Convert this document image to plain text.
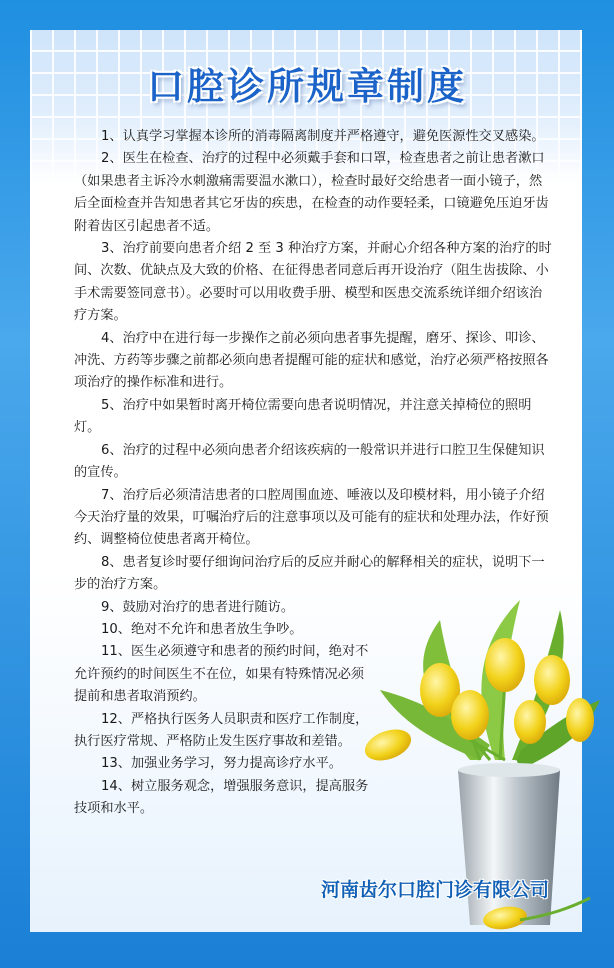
口腔诊所规章制度

1、认真学习掌握本诊所的消毒隔离制度并严格遵守，避免医源性交叉感染。

2、医生在检查、治疗的过程中必须戴手套和口罩，检查患者之前让患者漱口（如果患者主诉冷水刺激痛需要温水漱口），检查时最好交给患者一面小镜子，然后全面检查并告知患者其它牙齿的疾患，在检查的动作要轻柔，口镜避免压迫牙齿附着齿区引起患者不适。

3、治疗前要向患者介绍 2 至 3 种治疗方案，并耐心介绍各种方案的治疗的时间、次数、优缺点及大致的价格、在征得患者同意后再开设治疗（阻生齿拔除、小手术需要签同意书）。必要时可以用收费手册、模型和医患交流系统详细介绍该治疗方案。

4、治疗中在进行每一步操作之前必须向患者事先提醒，磨牙、探诊、叩诊、冲洗、方药等步骤之前都必须向患者提醒可能的症状和感觉，治疗必须严格按照各项治疗的操作标准和进行。

5、治疗中如果暂时离开椅位需要向患者说明情况，并注意关掉椅位的照明灯。

6、治疗的过程中必须向患者介绍该疾病的一般常识并进行口腔卫生保健知识的宣传。

7、治疗后必须清洁患者的口腔周围血迹、唾液以及印模材料，用小镜子介绍今天治疗量的效果，叮嘱治疗后的注意事项以及可能有的症状和处理办法，作好预约、调整椅位使患者离开椅位。

8、患者复诊时要仔细询问治疗后的反应并耐心的解释相关的症状，说明下一步的治疗方案。

9、鼓励对治疗的患者进行随访。

10、绝对不允许和患者放生争吵。

11、医生必须遵守和患者的预约时间，绝对不允许预约的时间医生不在位，如果有特殊情况必须提前和患者取消预约。

12、严格执行医务人员职责和医疗工作制度，执行医疗常规、严格防止发生医疗事故和差错。

13、加强业务学习，努力提高诊疗水平。

14、树立服务观念，增强服务意识，提高服务技项和水平。

河南齿尔口腔门诊有限公司
